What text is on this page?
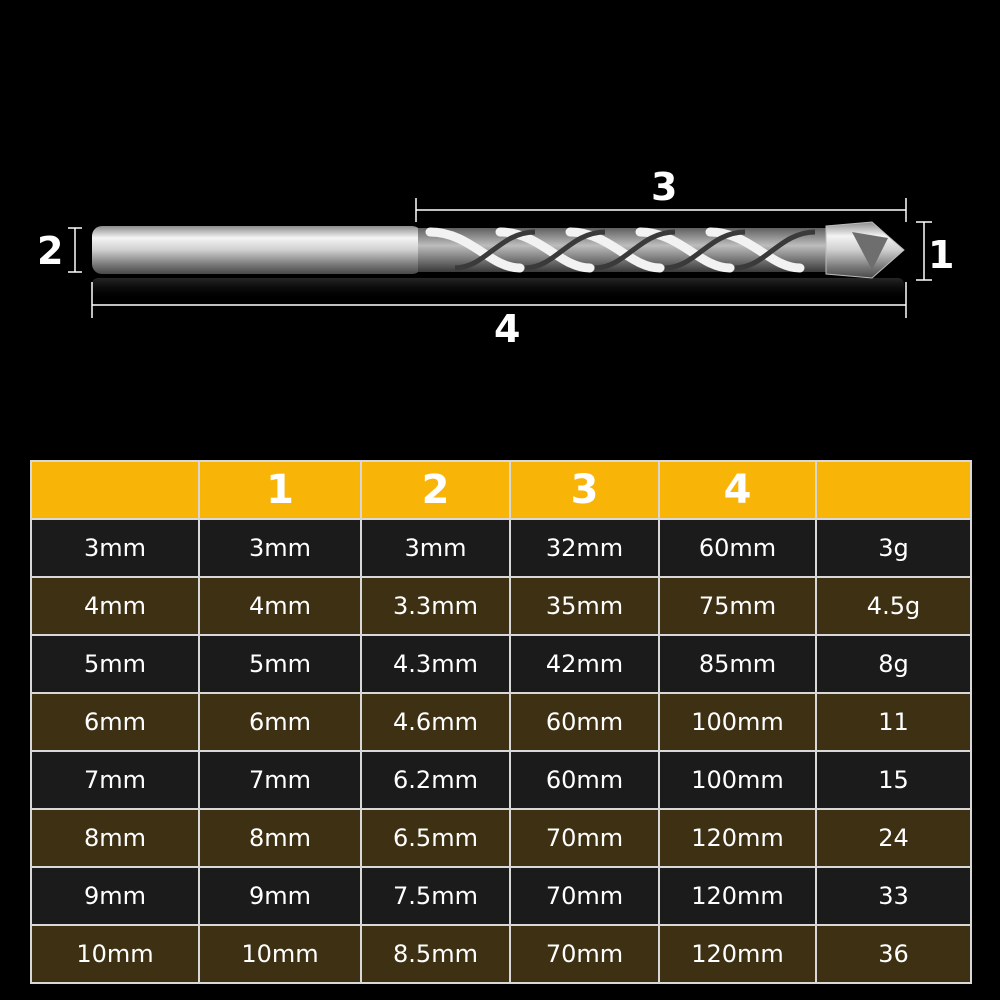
3
4
2	1
	1	2	3	4	
3mm	3mm	3mm	32mm	60mm	3g
4mm	4mm	3.3mm	35mm	75mm	4.5g
5mm	5mm	4.3mm	42mm	85mm	8g
6mm	6mm	4.6mm	60mm	100mm	11
7mm	7mm	6.2mm	60mm	100mm	15
8mm	8mm	6.5mm	70mm	120mm	24
9mm	9mm	7.5mm	70mm	120mm	33
10mm	10mm	8.5mm	70mm	120mm	36
